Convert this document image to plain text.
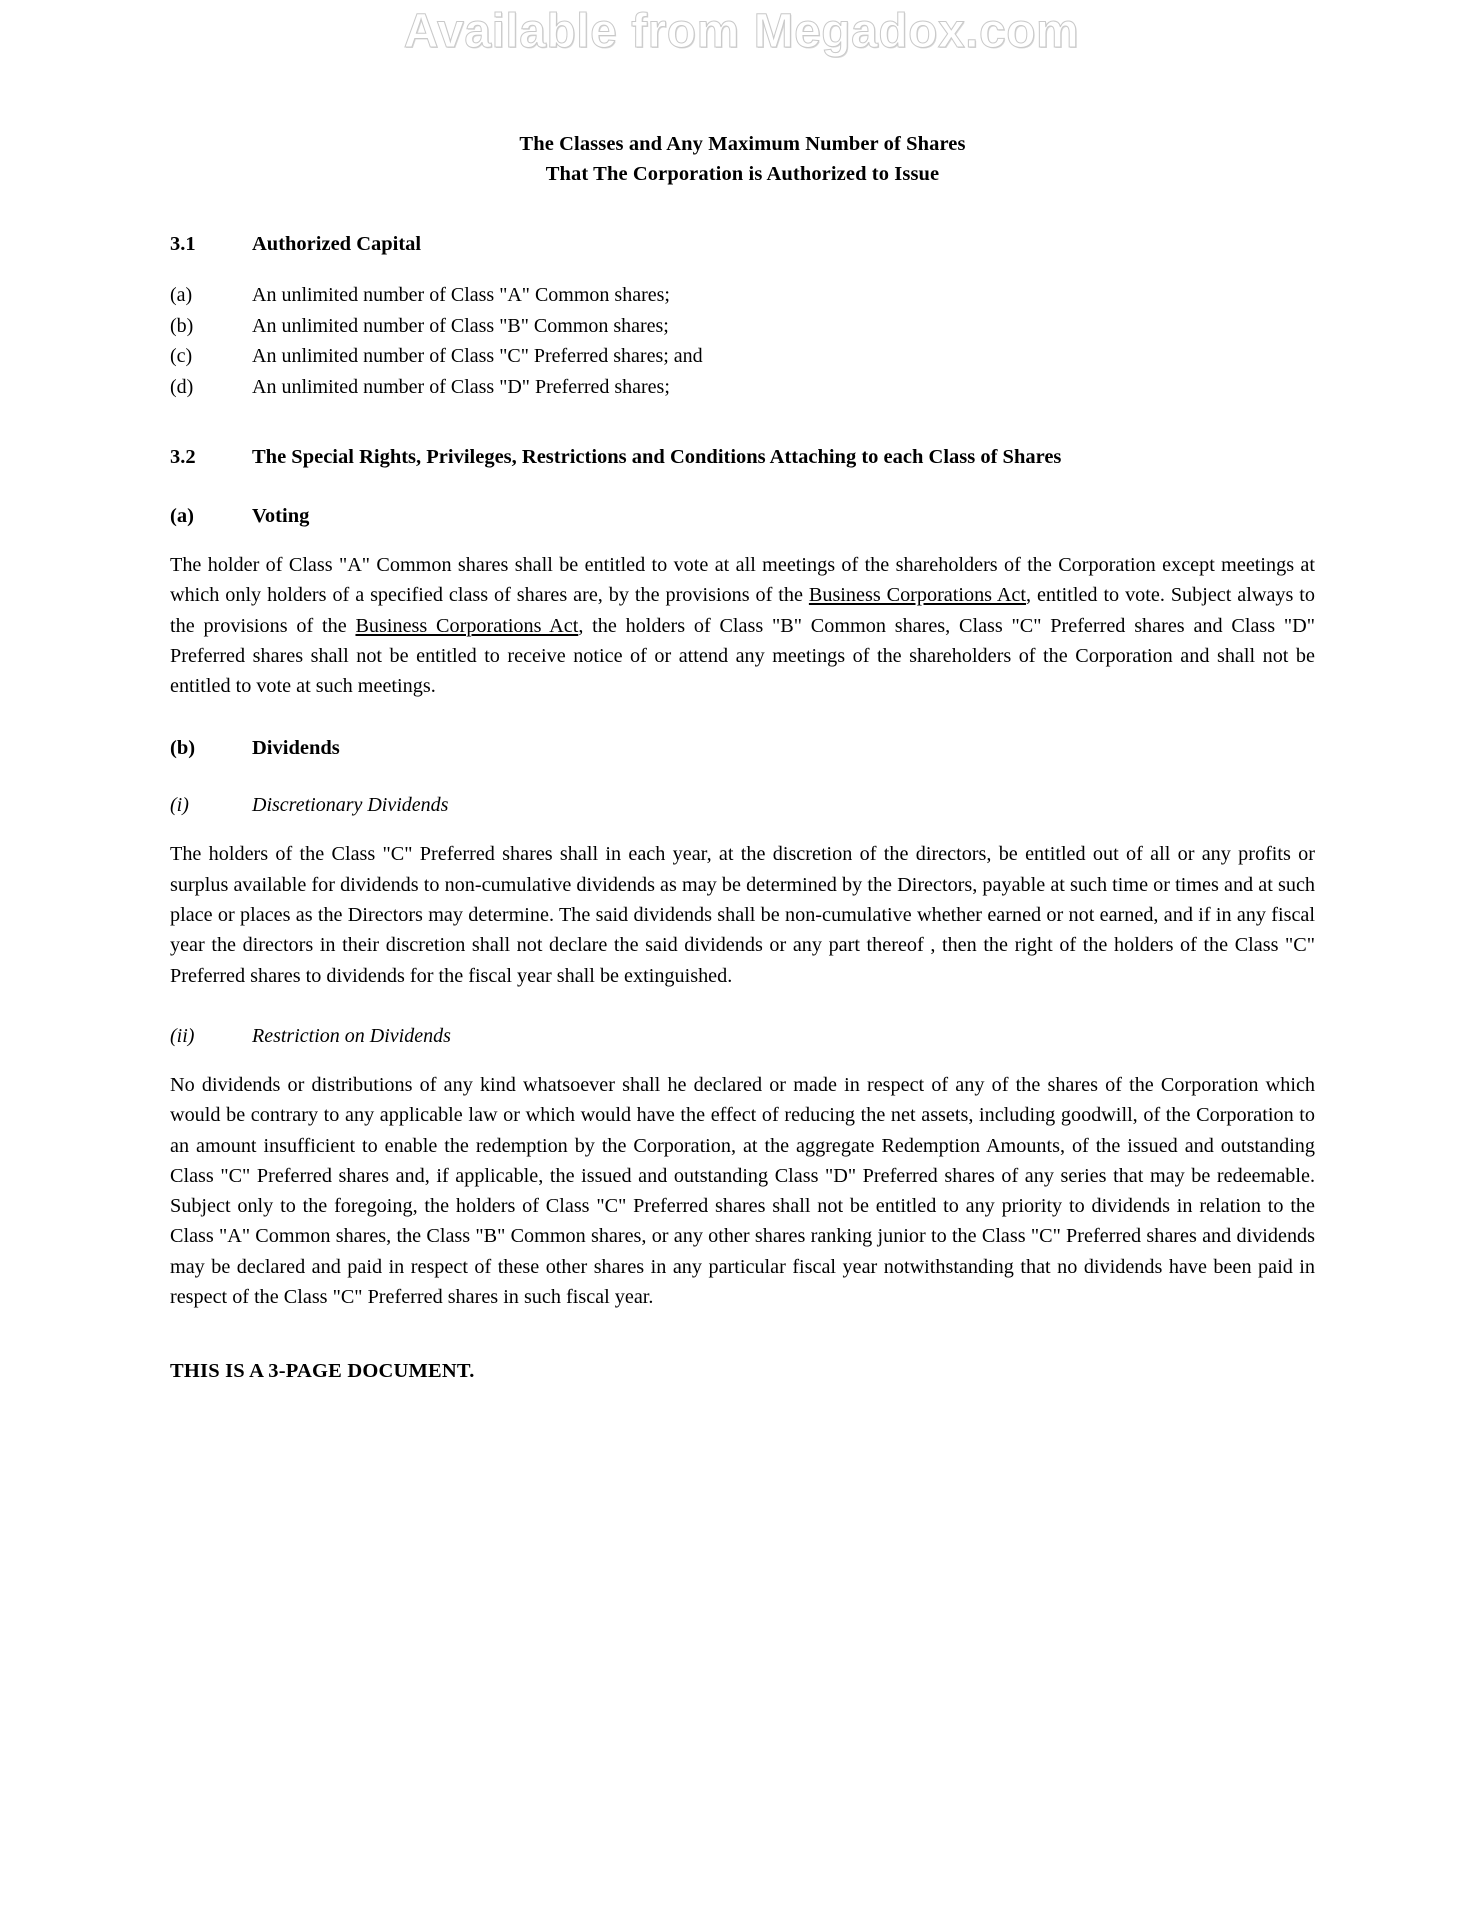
Available from Megadox.com
The Classes and Any Maximum Number of Shares
That The Corporation is Authorized to Issue
3.1	Authorized Capital
(a)	An unlimited number of Class "A" Common shares;
(b)	An unlimited number of Class "B" Common shares;
(c)	An unlimited number of Class "C" Preferred shares; and
(d)	An unlimited number of Class "D" Preferred shares;
3.2	The Special Rights, Privileges, Restrictions and Conditions Attaching to each Class of Shares
(a)	Voting

The holder of Class "A" Common shares shall be entitled to vote at all meetings of the shareholders of the Corporation except meetings at which only holders of a specified class of shares are, by the provisions of the Business Corporations Act, entitled to vote. Subject always to the provisions of the Business Corporations Act, the holders of Class "B" Common shares, Class "C" Preferred shares and Class "D" Preferred shares shall not be entitled to receive notice of or attend any meetings of the shareholders of the Corporation and shall not be entitled to vote at such meetings.

(b)	Dividends
(i)	Discretionary Dividends

The holders of the Class "C" Preferred shares shall in each year, at the discretion of the directors, be entitled out of all or any profits or surplus available for dividends to non-cumulative dividends as may be determined by the Directors, payable at such time or times and at such place or places as the Directors may determine. The said dividends shall be non-cumulative whether earned or not earned, and if in any fiscal year the directors in their discretion shall not declare the said dividends or any part thereof , then the right of the holders of the Class "C" Preferred shares to dividends for the fiscal year shall be extinguished.

(ii)	Restriction on Dividends

No dividends or distributions of any kind whatsoever shall he declared or made in respect of any of the shares of the Corporation which would be contrary to any applicable law or which would have the effect of reducing the net assets, including goodwill, of the Corporation to an amount insufficient to enable the redemption by the Corporation, at the aggregate Redemption Amounts, of the issued and outstanding Class "C" Preferred shares and, if applicable, the issued and outstanding Class "D" Preferred shares of any series that may be redeemable. Subject only to the foregoing, the holders of Class "C" Preferred shares shall not be entitled to any priority to dividends in relation to the Class "A" Common shares, the Class "B" Common shares, or any other shares ranking junior to the Class "C" Preferred shares and dividends may be declared and paid in respect of these other shares in any particular fiscal year notwithstanding that no dividends have been paid in respect of the Class "C" Preferred shares in such fiscal year.

THIS IS A 3-PAGE DOCUMENT.
